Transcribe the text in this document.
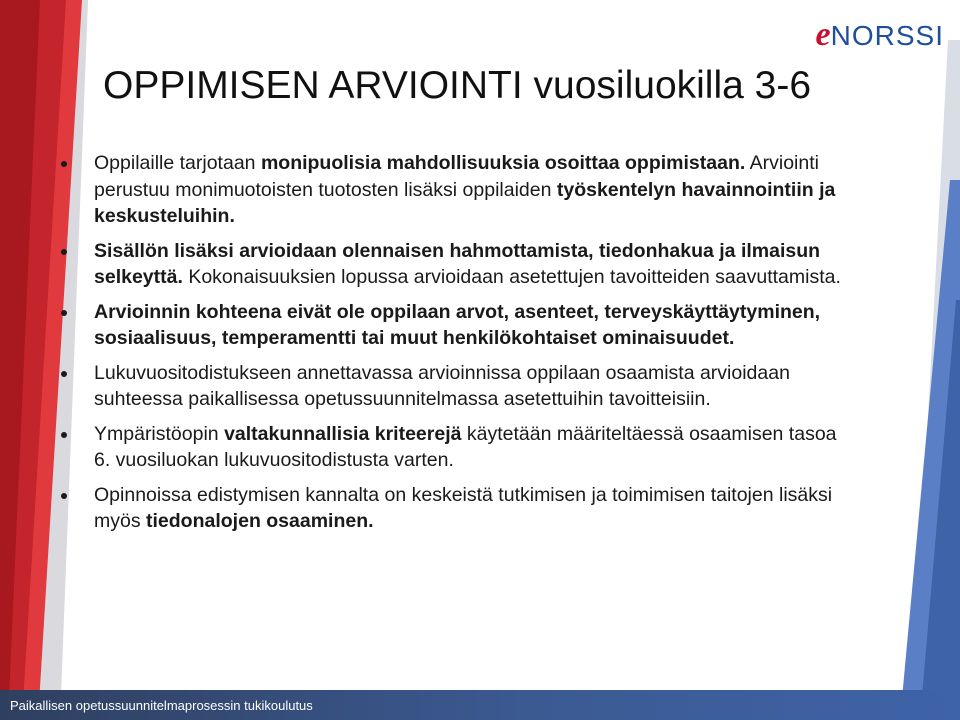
e NORSSI
OPPIMISEN ARVIOINTI vuosiluokilla 3-6
Oppilaille tarjotaan monipuolisia mahdollisuuksia osoittaa oppimistaan. Arviointi perustuu monimuotoisten tuotosten lisäksi oppilaiden työskentelyn havainnointiin ja keskusteluihin.
Sisällön lisäksi arvioidaan olennaisen hahmottamista, tiedonhakua ja ilmaisun selkeyttä. Kokonaisuuksien lopussa arvioidaan asetettujen tavoitteiden saavuttamista.
Arvioinnin kohteena eivät ole oppilaan arvot, asenteet, terveyskäyttäytyminen, sosiaalisuus, temperamentti tai muut henkilökohtaiset ominaisuudet.
Lukuvuositodistukseen annettavassa arvioinnissa oppilaan osaamista arvioidaan suhteessa paikallisessa opetussuunnitelmassa asetettuihin tavoitteisiin.
Ympäristöopin valtakunnallisia kriteerejä käytetään määriteltäessä osaamisen tasoa 6. vuosiluokan lukuvuositodistusta varten.
Opinnoissa edistymisen kannalta on keskeistä tutkimisen ja toimimisen taitojen lisäksi myös tiedonalojen osaaminen.
Paikallisen opetussuunnitelmaprosessin tukikoulutus
